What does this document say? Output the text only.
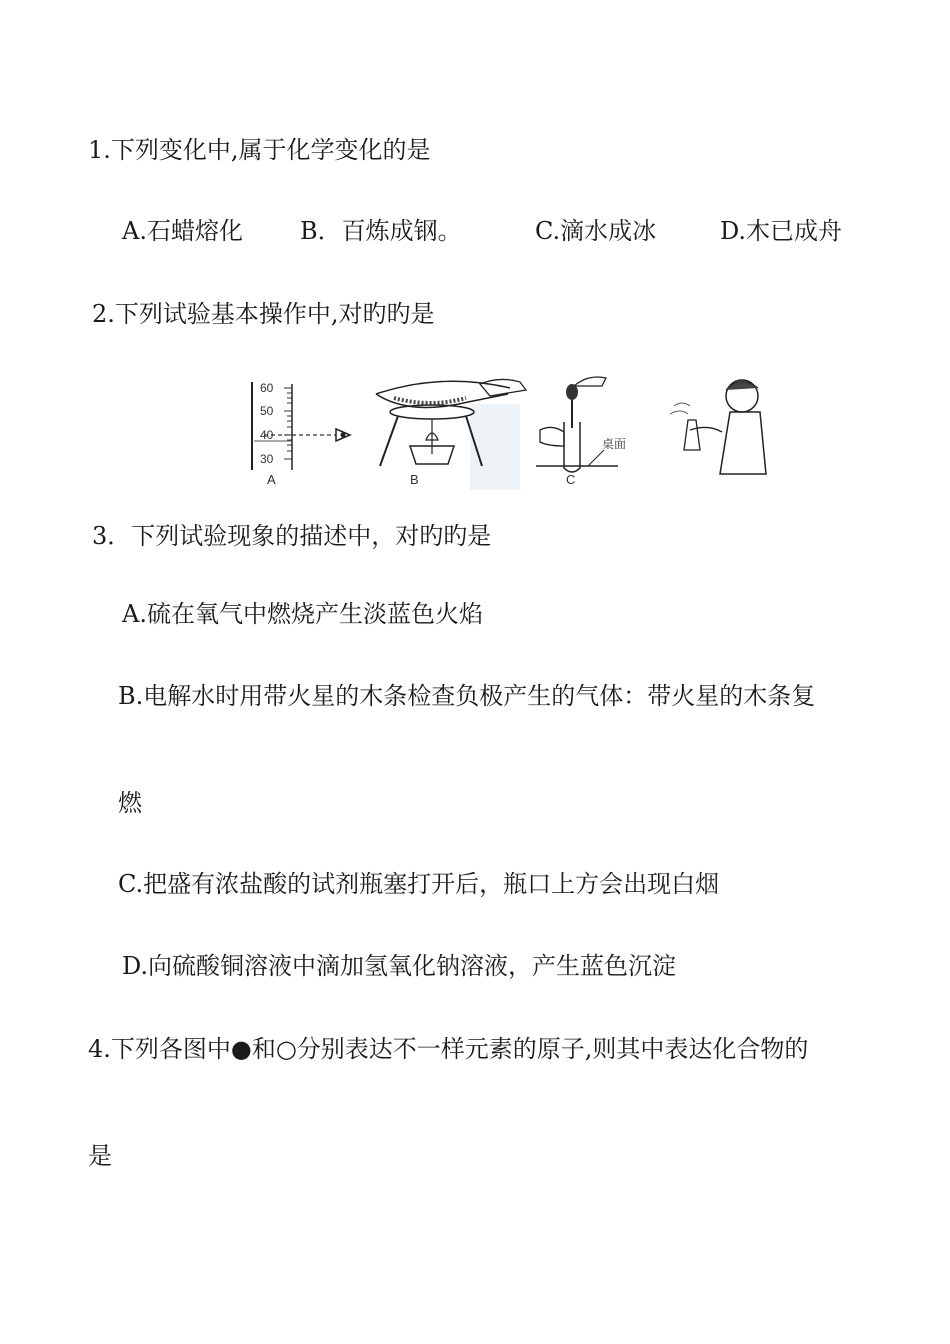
1.下列变化中,属于化学变化的是
A.石蜡熔化 B．百炼成钢。	C.滴水成冰	D.木已成舟
2.下列试验基本操作中,对旳旳是
60
50
40
30
A	B
桌面
C
3．下列试验现象的描述中，对旳旳是
A.硫在氧气中燃烧产生淡蓝色火焰
B.电解水时用带火星的木条检查负极产生的气体：带火星的木条复
燃
C.把盛有浓盐酸的试剂瓶塞打开后，瓶口上方会出现白烟
D.向硫酸铜溶液中滴加氢氧化钠溶液，产生蓝色沉淀
4.下列各图中●和○分别表达不一样元素的原子,则其中表达化合物的
是
